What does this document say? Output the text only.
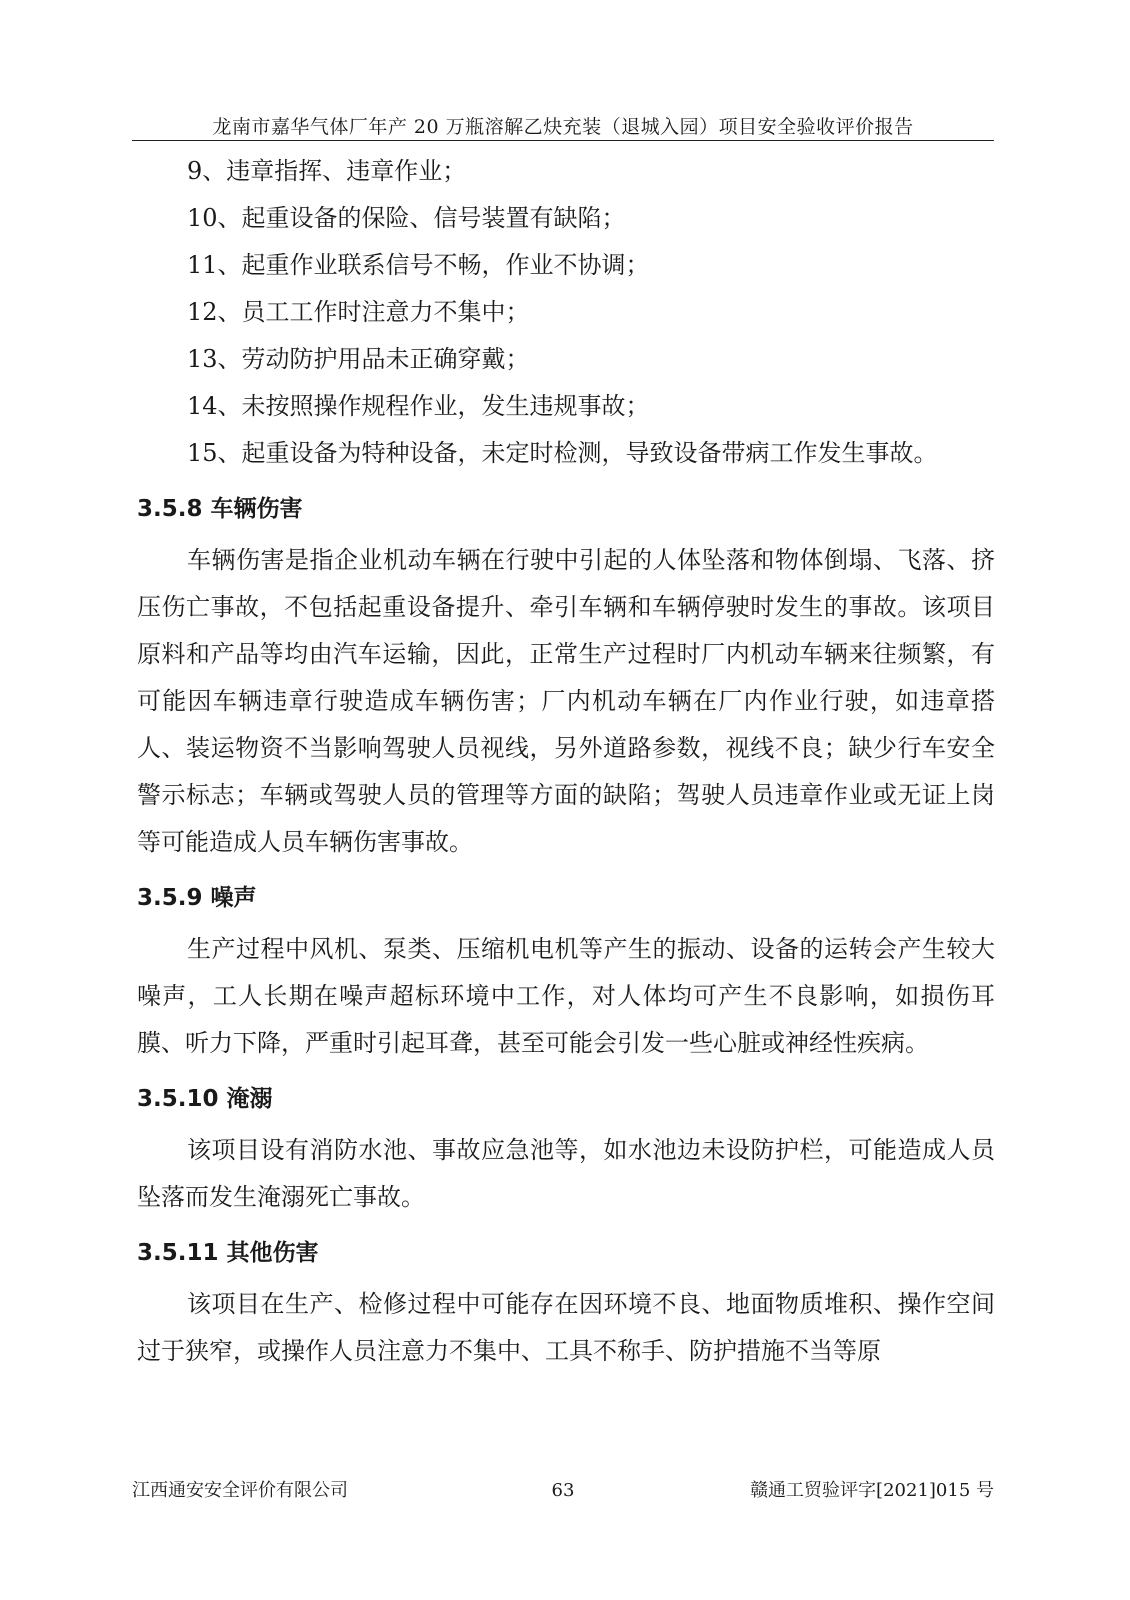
龙南市嘉华气体厂年产 20 万瓶溶解乙炔充装（退城入园）项目安全验收评价报告
9、违章指挥、违章作业；
10、起重设备的保险、信号装置有缺陷；
11、起重作业联系信号不畅，作业不协调；
12、员工工作时注意力不集中；
13、劳动防护用品未正确穿戴；
14、未按照操作规程作业，发生违规事故；
15、起重设备为特种设备，未定时检测，导致设备带病工作发生事故。
3.5.8 车辆伤害

车辆伤害是指企业机动车辆在行驶中引起的人体坠落和物体倒塌、飞落、挤压伤亡事故，不包括起重设备提升、牵引车辆和车辆停驶时发生的事故。该项目原料和产品等均由汽车运输，因此，正常生产过程时厂内机动车辆来往频繁，有可能因车辆违章行驶造成车辆伤害；厂内机动车辆在厂内作业行驶，如违章搭人、装运物资不当影响驾驶人员视线，另外道路参数，视线不良；缺少行车安全警示标志；车辆或驾驶人员的管理等方面的缺陷；驾驶人员违章作业或无证上岗等可能造成人员车辆伤害事故。

3.5.9 噪声

生产过程中风机、泵类、压缩机电机等产生的振动、设备的运转会产生较大噪声，工人长期在噪声超标环境中工作，对人体均可产生不良影响，如损伤耳膜、听力下降，严重时引起耳聋，甚至可能会引发一些心脏或神经性疾病。

3.5.10 淹溺

该项目设有消防水池、事故应急池等，如水池边未设防护栏，可能造成人员坠落而发生淹溺死亡事故。

3.5.11 其他伤害

该项目在生产、检修过程中可能存在因环境不良、地面物质堆积、操作空间过于狭窄，或操作人员注意力不集中、工具不称手、防护措施不当等原

江西通安安全评价有限公司	63	赣通工贸验评字[2021]015 号
